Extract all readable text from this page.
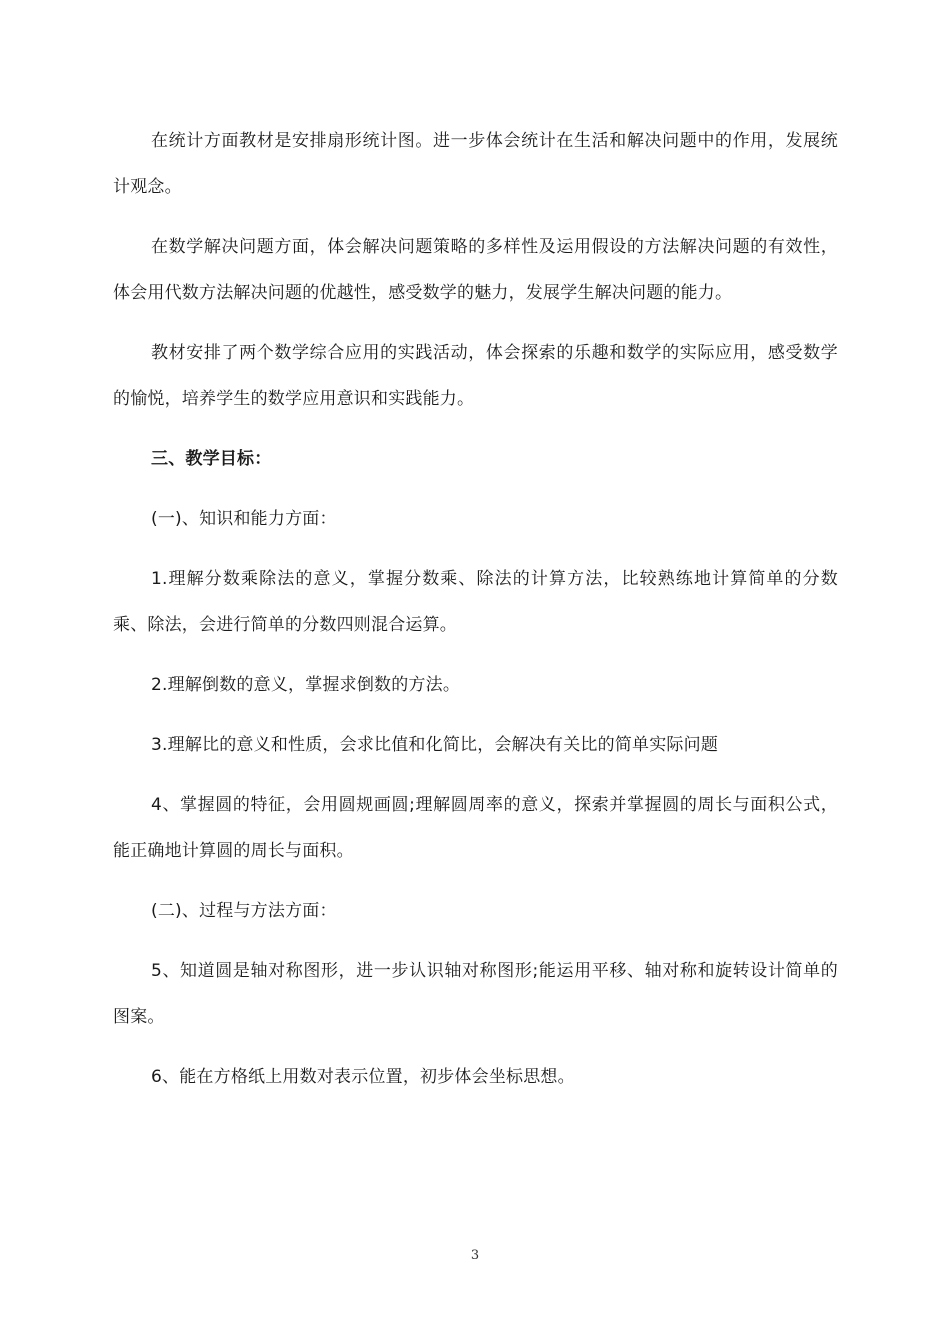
在统计方面教材是安排扇形统计图。进一步体会统计在生活和解决问题中的作用，发展统计观念。

在数学解决问题方面，体会解决问题策略的多样性及运用假设的方法解决问题的有效性，体会用代数方法解决问题的优越性，感受数学的魅力，发展学生解决问题的能力。

教材安排了两个数学综合应用的实践活动，体会探索的乐趣和数学的实际应用，感受数学的愉悦，培养学生的数学应用意识和实践能力。

三、教学目标：

(一)、知识和能力方面：

1.理解分数乘除法的意义，掌握分数乘、除法的计算方法，比较熟练地计算简单的分数乘、除法，会进行简单的分数四则混合运算。

2.理解倒数的意义，掌握求倒数的方法。

3.理解比的意义和性质，会求比值和化简比，会解决有关比的简单实际问题

4、掌握圆的特征，会用圆规画圆;理解圆周率的意义，探索并掌握圆的周长与面积公式，能正确地计算圆的周长与面积。

(二)、过程与方法方面：

5、知道圆是轴对称图形，进一步认识轴对称图形;能运用平移、轴对称和旋转设计简单的图案。

6、能在方格纸上用数对表示位置，初步体会坐标思想。

3
